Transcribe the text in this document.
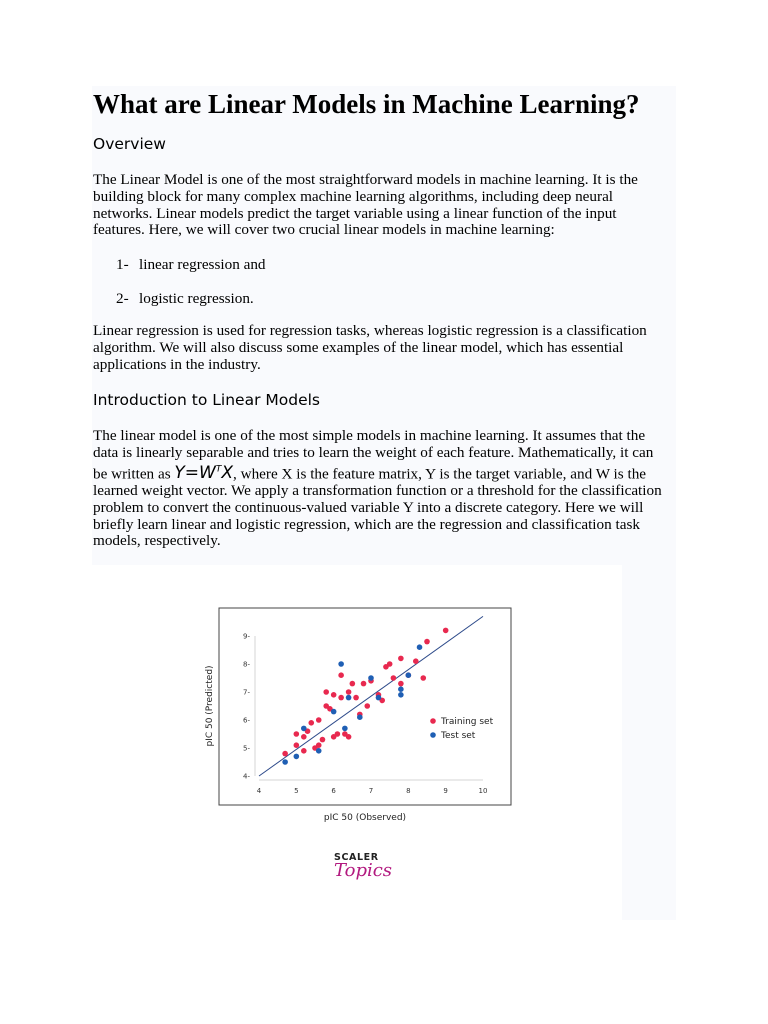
What are Linear Models in Machine Learning?
Overview

The Linear Model is one of the most straightforward models in machine learning. It is the
building block for many complex machine learning algorithms, including deep neural
networks. Linear models predict the target variable using a linear function of the input
features. Here, we will cover two crucial linear models in machine learning:

1- linear regression and
2- logistic regression.

Linear regression is used for regression tasks, whereas logistic regression is a classification
algorithm. We will also discuss some examples of the linear model, which has essential
applications in the industry.

Introduction to Linear Models

The linear model is one of the most simple models in machine learning. It assumes that the
data is linearly separable and tries to learn the weight of each feature. Mathematically, it can
be written as $Y=W^TX$, where X is the feature matrix, Y is the target variable, and W is the
learned weight vector. We apply a transformation function or a threshold for the classification
problem to convert the continuous-valued variable Y into a discrete category. Here we will
briefly learn linear and logistic regression, which are the regression and classification task
models, respectively.

4	5	6	7	8	9	10
4-
5-
6-
7-
8-
9-
Training set
Test set
pIC 50 (Observed)
pIC 50 (Predicted)
SCALER
Topics
